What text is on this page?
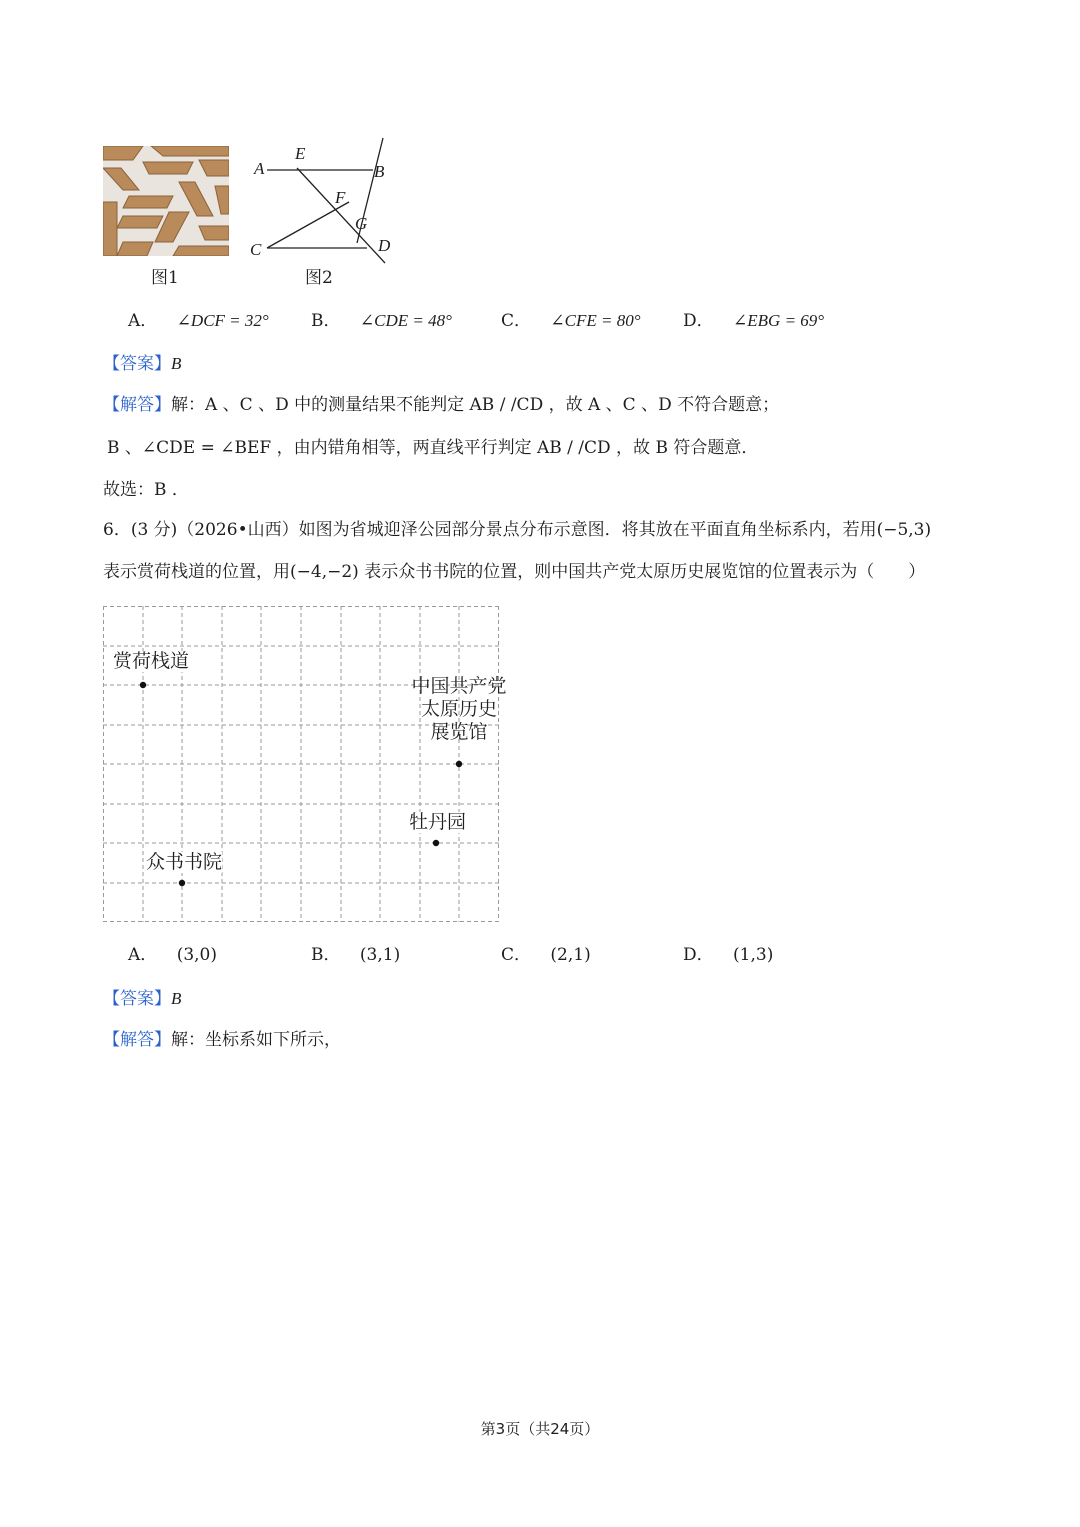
A
E
B
F
G
C	D
图1	图2
A． ∠DCF = 32° B． ∠CDE = 48°	C． ∠CFE = 80° D． ∠EBG = 69°
【答案】B
【解答】解：A 、C 、D 中的测量结果不能判定 AB / /CD ，故 A 、C 、D 不符合题意；
B 、∠CDE = ∠BEF ，由内错角相等，两直线平行判定 AB / /CD ，故 B 符合题意．
故选：B ．
6．(3 分)（2026•山西）如图为省城迎泽公园部分景点分布示意图．将其放在平面直角坐标系内，若用(−5,3)
表示赏荷栈道的位置，用(−4,−2) 表示众书书院的位置，则中国共产党太原历史展览馆的位置表示为（　　）
赏荷栈道
中国共产党
太原历史
展览馆
牡丹园
众书书院
A． (3,0)	B． (3,1)	C． (2,1)	D． (1,3)
【答案】B
【解答】解：坐标系如下所示，
第3页（共24页）
